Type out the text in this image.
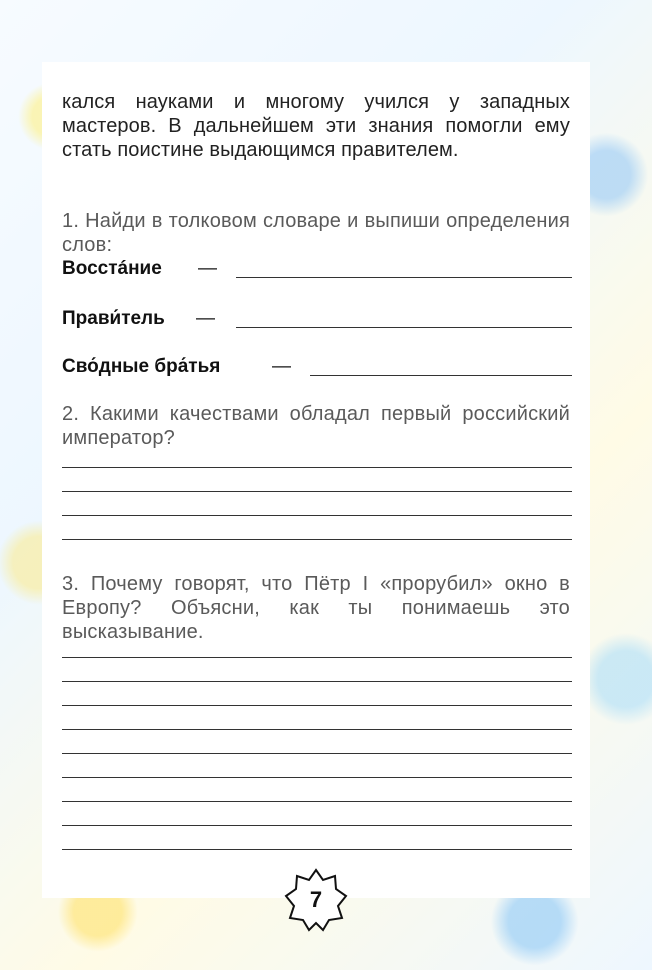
кался науками и многому учился у западных мастеров. В дальнейшем эти знания помогли ему стать поистине выдающимся правителем.

1. Найди в толковом словаре и выпиши определения слов:

Восстáние —
Прави́тель —
Сво́дные бра́тья	—

2. Какими качествами обладал первый российский император?

3. Почему говорят, что Пётр I «прорубил» окно в Европу? Объясни, как ты понимаешь это высказывание.

7
